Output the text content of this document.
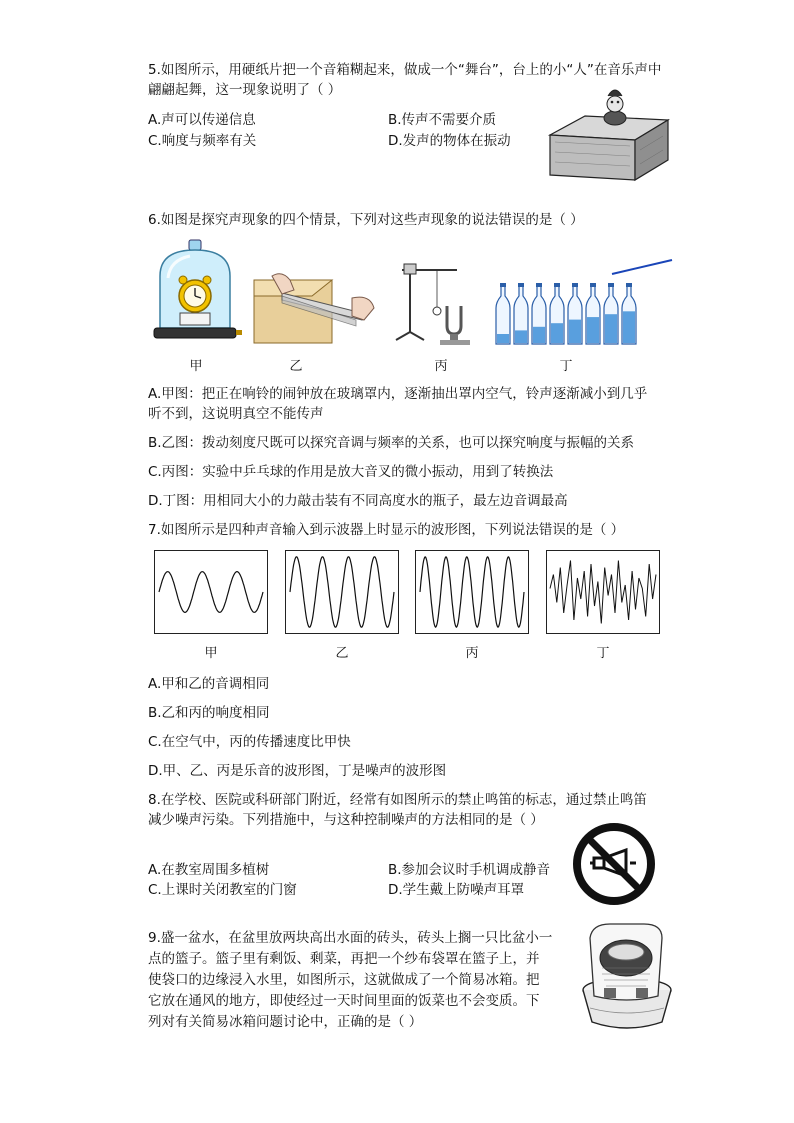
5.如图所示，用硬纸片把一个音箱糊起来，做成一个“舞台”，台上的小“人”在音乐声中
翩翩起舞，这一现象说明了（ ）
A.声可以传递信息	B.传声不需要介质
C.响度与频率有关	D.发声的物体在振动
6.如图是探究声现象的四个情景，下列对这些声现象的说法错误的是（ ）
甲	乙	丙	丁
A.甲图：把正在响铃的闹钟放在玻璃罩内，逐渐抽出罩内空气，铃声逐渐减小到几乎
听不到，这说明真空不能传声
B.乙图：拨动刻度尺既可以探究音调与频率的关系，也可以探究响度与振幅的关系
C.丙图：实验中乒乓球的作用是放大音叉的微小振动，用到了转换法
D.丁图：用相同大小的力敲击装有不同高度水的瓶子，最左边音调最高
7.如图所示是四种声音输入到示波器上时显示的波形图，下列说法错误的是（ ）
甲	乙	丙	丁
A.甲和乙的音调相同
B.乙和丙的响度相同
C.在空气中，丙的传播速度比甲快
D.甲、乙、丙是乐音的波形图，丁是噪声的波形图
8.在学校、医院或科研部门附近，经常有如图所示的禁止鸣笛的标志，通过禁止鸣笛
减少噪声污染。下列措施中，与这种控制噪声的方法相同的是（ ）
A.在教室周围多植树	B.参加会议时手机调成静音
C.上课时关闭教室的门窗	D.学生戴上防噪声耳罩
9.盛一盆水，在盆里放两块高出水面的砖头，砖头上搁一只比盆小一
点的篮子。篮子里有剩饭、剩菜，再把一个纱布袋罩在篮子上，并
使袋口的边缘浸入水里，如图所示，这就做成了一个简易冰箱。把
它放在通风的地方，即使经过一天时间里面的饭菜也不会变质。下
列对有关简易冰箱问题讨论中，正确的是（ ）
